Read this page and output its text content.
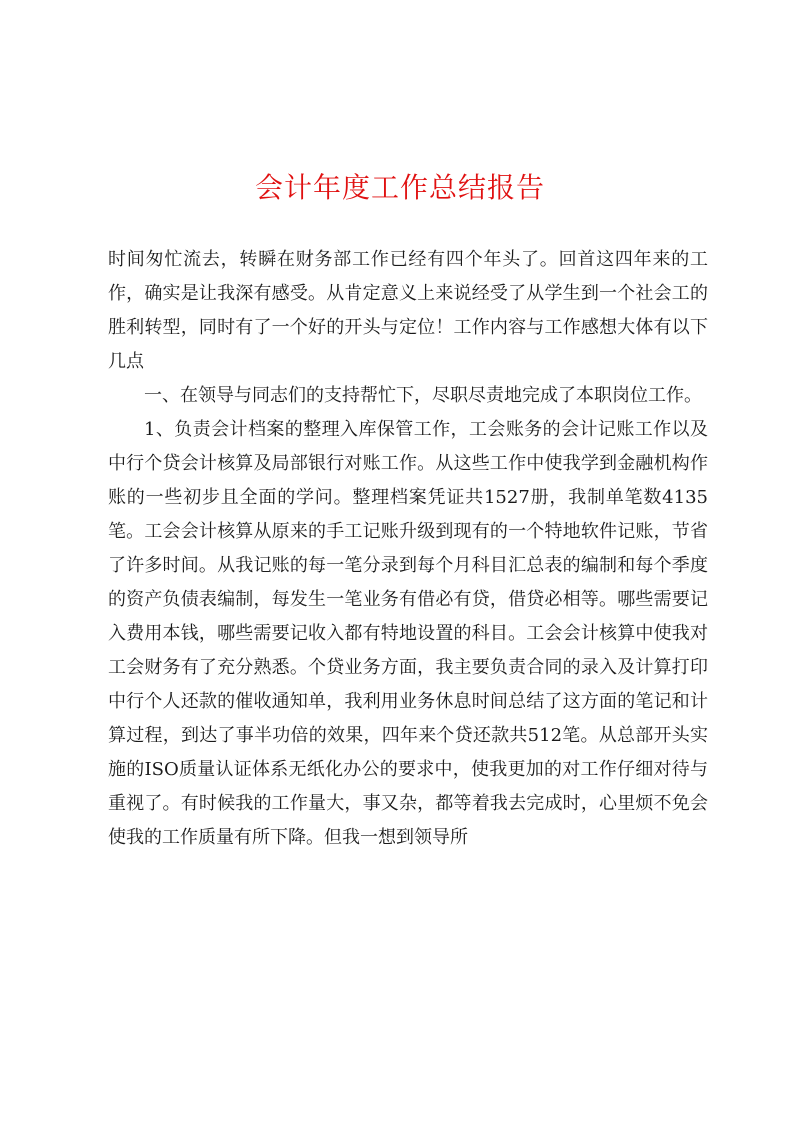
会计年度工作总结报告

时间匆忙流去，转瞬在财务部工作已经有四个年头了。回首这四年来的工作，确实是让我深有感受。从肯定意义上来说经受了从学生到一个社会工的胜利转型，同时有了一个好的开头与定位！工作内容与工作感想大体有以下几点

一、在领导与同志们的支持帮忙下，尽职尽责地完成了本职岗位工作。

1、负责会计档案的整理入库保管工作，工会账务的会计记账工作以及中行个贷会计核算及局部银行对账工作。从这些工作中使我学到金融机构作账的一些初步且全面的学问。整理档案凭证共1527册，我制单笔数4135笔。工会会计核算从原来的手工记账升级到现有的一个特地软件记账，节省了许多时间。从我记账的每一笔分录到每个月科目汇总表的编制和每个季度的资产负债表编制，每发生一笔业务有借必有贷，借贷必相等。哪些需要记入费用本钱，哪些需要记收入都有特地设置的科目。工会会计核算中使我对工会财务有了充分熟悉。个贷业务方面，我主要负责合同的录入及计算打印中行个人还款的催收通知单，我利用业务休息时间总结了这方面的笔记和计算过程，到达了事半功倍的效果，四年来个贷还款共512笔。从总部开头实施的ISO质量认证体系无纸化办公的要求中，使我更加的对工作仔细对待与重视了。有时候我的工作量大，事又杂，都等着我去完成时，心里烦不免会使我的工作质量有所下降。但我一想到领导所
